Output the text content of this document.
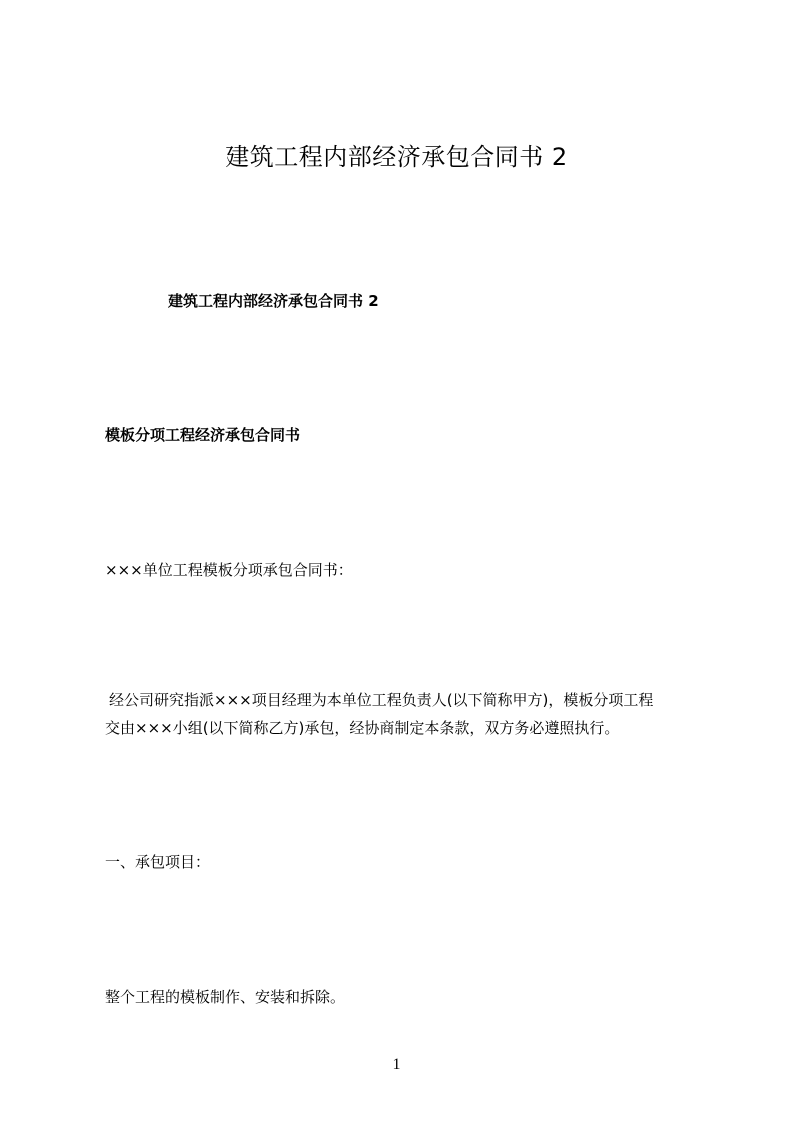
建筑工程内部经济承包合同书 2
建筑工程内部经济承包合同书 2
模板分项工程经济承包合同书

×××单位工程模板分项承包合同书：

经公司研究指派×××项目经理为本单位工程负责人(以下简称甲方)，模板分项工程
交由×××小组(以下简称乙方)承包，经协商制定本条款，双方务必遵照执行。

一、承包项目：

整个工程的模板制作、安装和拆除。

1
